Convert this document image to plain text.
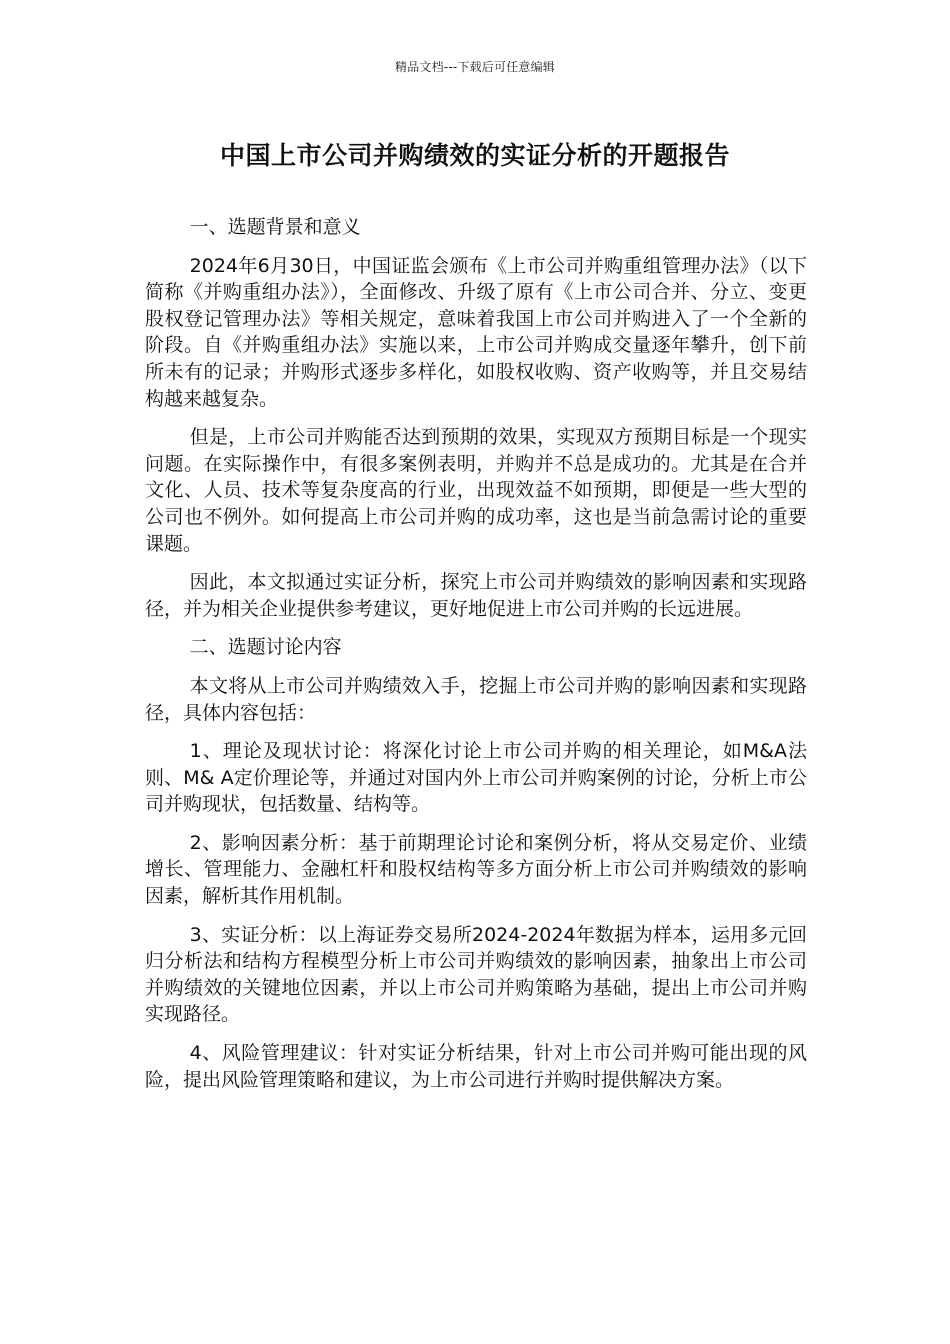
精品文档---下载后可任意编辑
中国上市公司并购绩效的实证分析的开题报告

一、选题背景和意义

2024年6月30日，中国证监会颁布《上市公司并购重组管理办法》（以下简称《并购重组办法》），全面修改、升级了原有《上市公司合并、分立、变更股权登记管理办法》等相关规定，意味着我国上市公司并购进入了一个全新的阶段。自《并购重组办法》实施以来，上市公司并购成交量逐年攀升，创下前所未有的记录；并购形式逐步多样化，如股权收购、资产收购等，并且交易结构越来越复杂。

但是，上市公司并购能否达到预期的效果，实现双方预期目标是一个现实问题。在实际操作中，有很多案例表明，并购并不总是成功的。尤其是在合并文化、人员、技术等复杂度高的行业，出现效益不如预期，即便是一些大型的公司也不例外。如何提高上市公司并购的成功率，这也是当前急需讨论的重要课题。

因此，本文拟通过实证分析，探究上市公司并购绩效的影响因素和实现路径，并为相关企业提供参考建议，更好地促进上市公司并购的长远进展。

二、选题讨论内容

本文将从上市公司并购绩效入手，挖掘上市公司并购的影响因素和实现路径，具体内容包括：

1、理论及现状讨论：将深化讨论上市公司并购的相关理论，如M&A法则、M& A定价理论等，并通过对国内外上市公司并购案例的讨论，分析上市公司并购现状，包括数量、结构等。

2、影响因素分析：基于前期理论讨论和案例分析，将从交易定价、业绩增长、管理能力、金融杠杆和股权结构等多方面分析上市公司并购绩效的影响因素，解析其作用机制。

3、实证分析：以上海证券交易所2024-2024年数据为样本，运用多元回归分析法和结构方程模型分析上市公司并购绩效的影响因素，抽象出上市公司并购绩效的关键地位因素，并以上市公司并购策略为基础，提出上市公司并购实现路径。

4、风险管理建议：针对实证分析结果，针对上市公司并购可能出现的风险，提出风险管理策略和建议，为上市公司进行并购时提供解决方案。
